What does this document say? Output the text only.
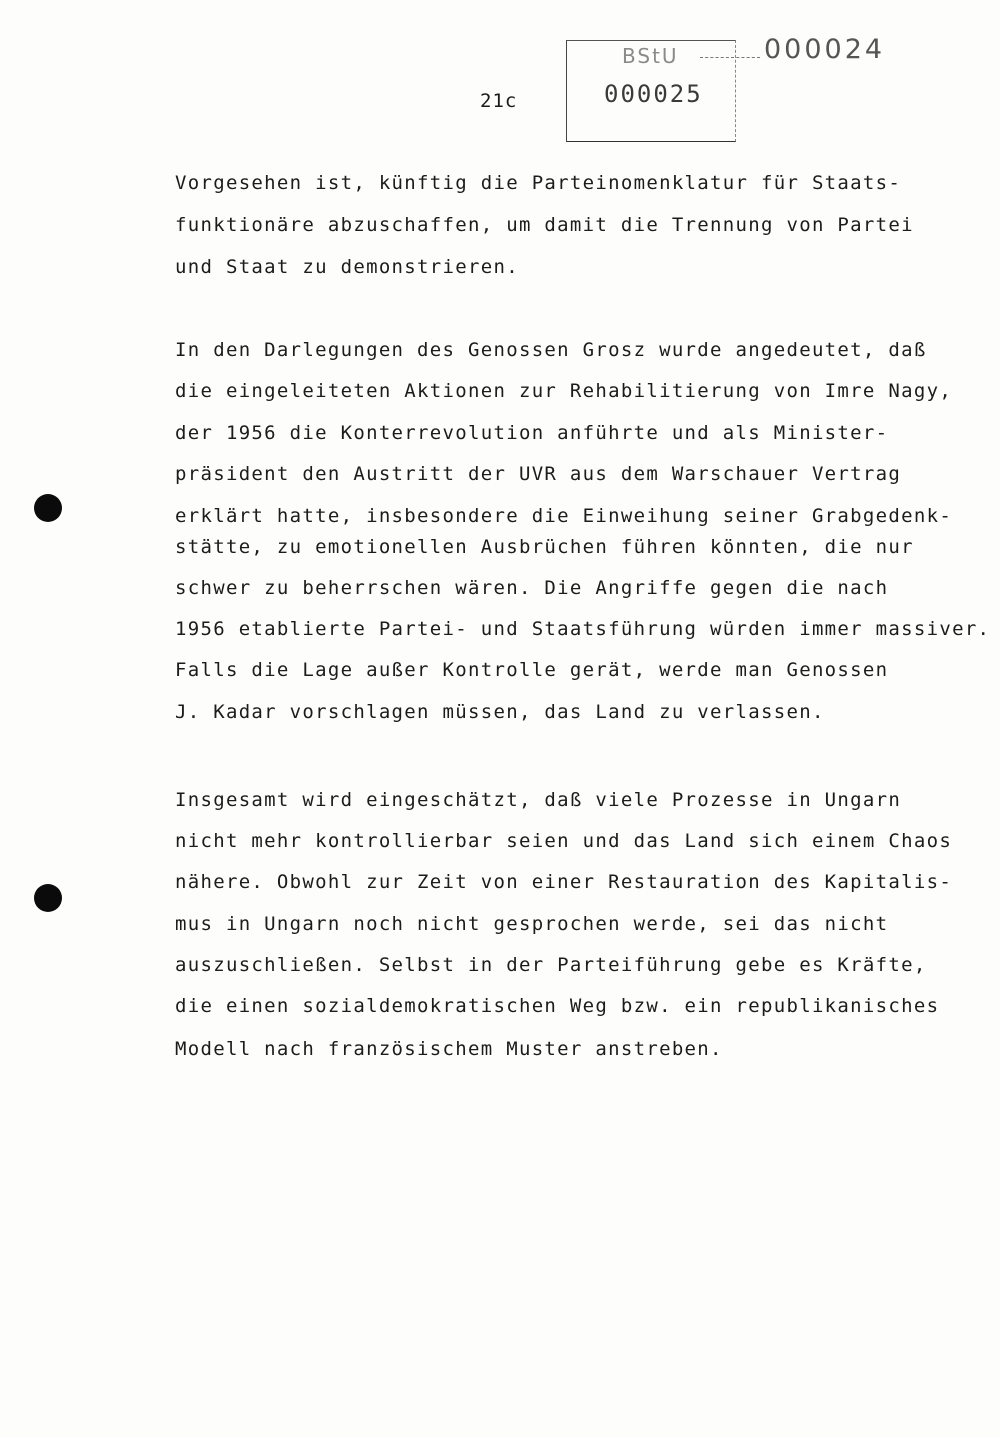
BStU
000025
000024
21c
Vorgesehen ist, künftig die Parteinomenklatur für Staats-
funktionäre abzuschaffen, um damit die Trennung von Partei
und Staat zu demonstrieren.
In den Darlegungen des Genossen Grosz wurde angedeutet, daß
die eingeleiteten Aktionen zur Rehabilitierung von Imre Nagy,
der 1956 die Konterrevolution anführte und als Minister-
präsident den Austritt der UVR aus dem Warschauer Vertrag
erklärt hatte, insbesondere die Einweihung seiner Grabgedenk-
stätte, zu emotionellen Ausbrüchen führen könnten, die nur
schwer zu beherrschen wären. Die Angriffe gegen die nach
1956 etablierte Partei- und Staatsführung würden immer massiver.
Falls die Lage außer Kontrolle gerät, werde man Genossen
J. Kadar vorschlagen müssen, das Land zu verlassen.
Insgesamt wird eingeschätzt, daß viele Prozesse in Ungarn
nicht mehr kontrollierbar seien und das Land sich einem Chaos
nähere. Obwohl zur Zeit von einer Restauration des Kapitalis-
mus in Ungarn noch nicht gesprochen werde, sei das nicht
auszuschließen. Selbst in der Parteiführung gebe es Kräfte,
die einen sozialdemokratischen Weg bzw. ein republikanisches
Modell nach französischem Muster anstreben.
